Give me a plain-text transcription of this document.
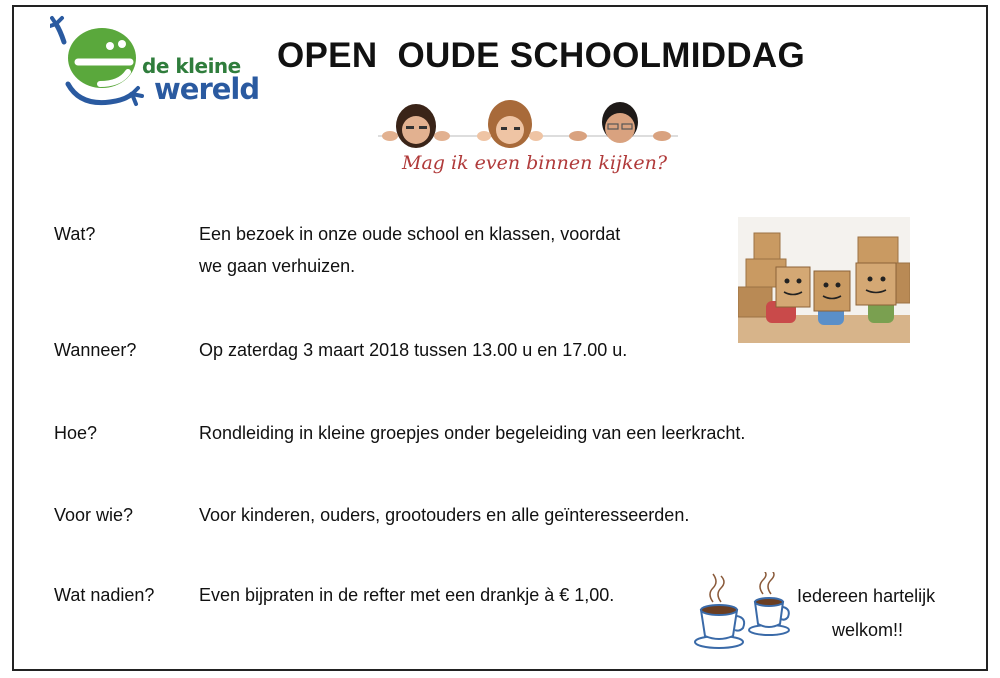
de kleine
wereld
OPEN  OUDE SCHOOLMIDDAG
Mag ik even binnen kijken?
Wat?	Een bezoek in onze oude school en klassen, voordat
we gaan verhuizen.
Wanneer?	Op zaterdag 3 maart 2018 tussen 13.00 u en 17.00 u.
Hoe?	Rondleiding in kleine groepjes onder begeleiding van een leerkracht.
Voor wie?	Voor kinderen, ouders, grootouders en alle geïnteresseerden.
Wat nadien? Even bijpraten in de refter met een drankje à € 1,00.	Iedereen hartelijk
welkom!!
